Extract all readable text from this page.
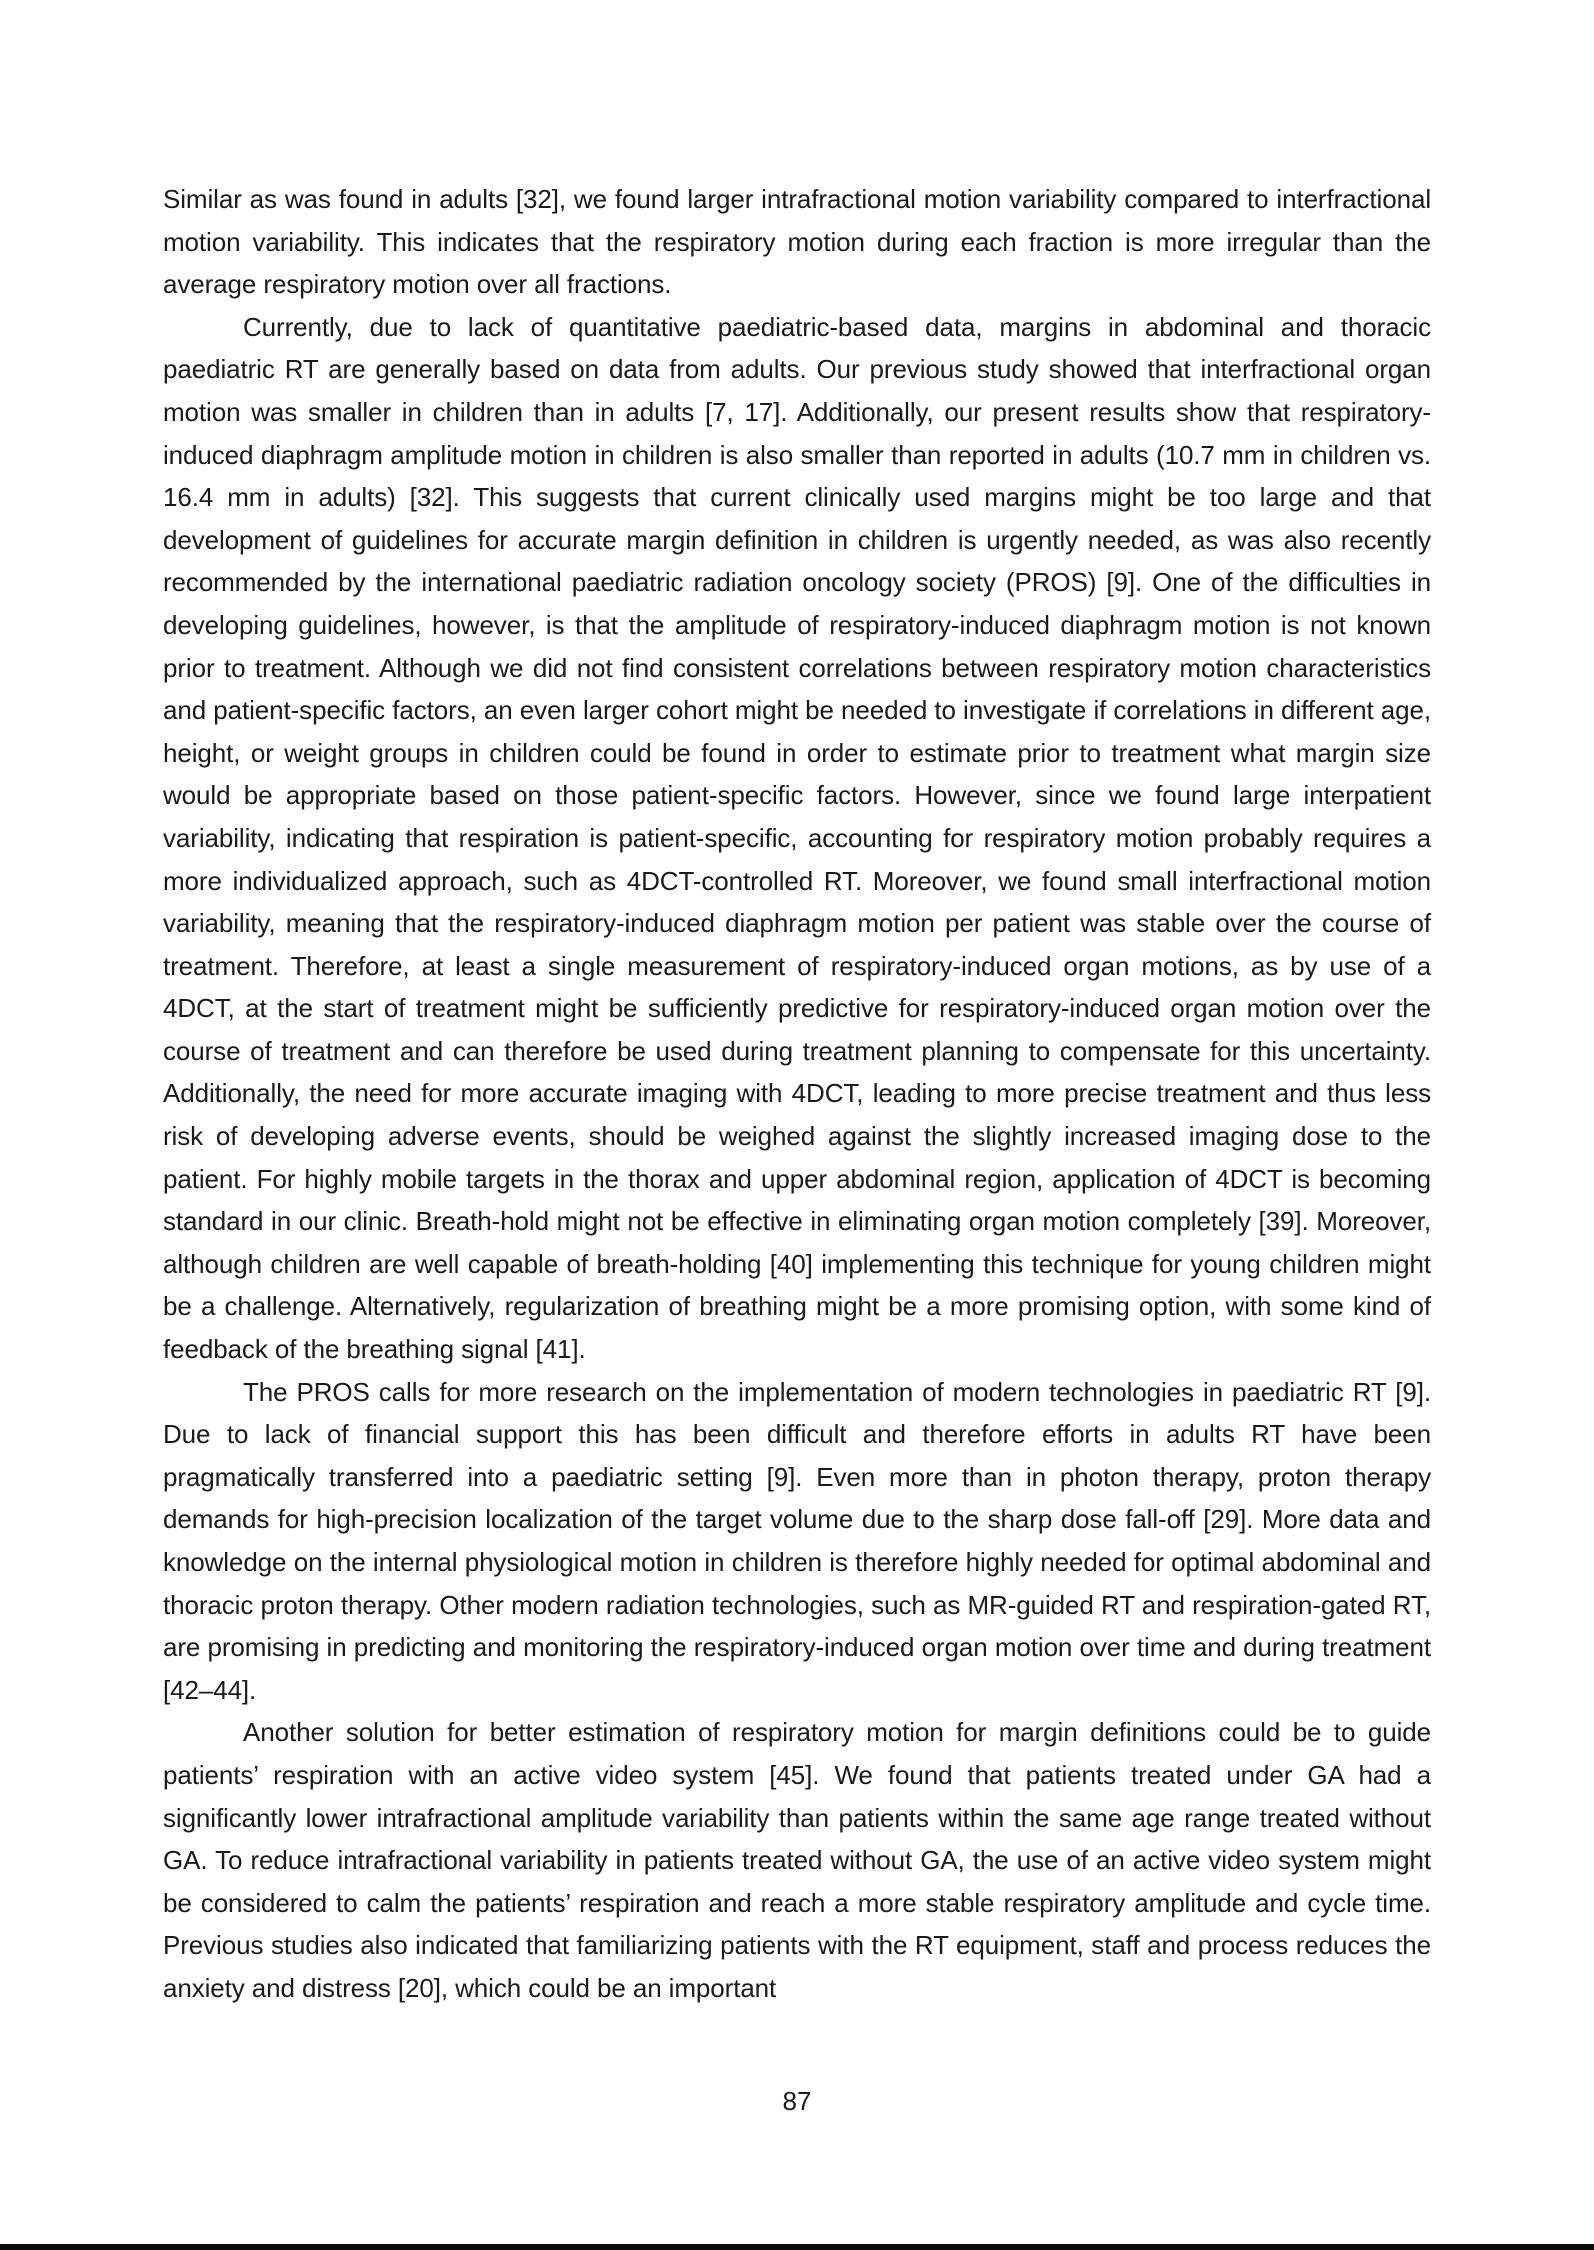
Similar as was found in adults [32], we found larger intrafractional motion variability compared to interfractional motion variability. This indicates that the respiratory motion during each fraction is more irregular than the average respiratory motion over all fractions.

Currently, due to lack of quantitative paediatric-based data, margins in abdominal and thoracic paediatric RT are generally based on data from adults. Our previous study showed that interfractional organ motion was smaller in children than in adults [7, 17]. Additionally, our present results show that respiratory-induced diaphragm amplitude motion in children is also smaller than reported in adults (10.7 mm in children vs. 16.4 mm in adults) [32]. This suggests that current clinically used margins might be too large and that development of guidelines for accurate margin definition in children is urgently needed, as was also recently recommended by the international paediatric radiation oncology society (PROS) [9]. One of the difficulties in developing guidelines, however, is that the amplitude of respiratory-induced diaphragm motion is not known prior to treatment. Although we did not find consistent correlations between respiratory motion characteristics and patient-specific factors, an even larger cohort might be needed to investigate if correlations in different age, height, or weight groups in children could be found in order to estimate prior to treatment what margin size would be appropriate based on those patient-specific factors. However, since we found large interpatient variability, indicating that respiration is patient-specific, accounting for respiratory motion probably requires a more individualized approach, such as 4DCT-controlled RT. Moreover, we found small interfractional motion variability, meaning that the respiratory-induced diaphragm motion per patient was stable over the course of treatment. Therefore, at least a single measurement of respiratory-induced organ motions, as by use of a 4DCT, at the start of treatment might be sufficiently predictive for respiratory-induced organ motion over the course of treatment and can therefore be used during treatment planning to compensate for this uncertainty. Additionally, the need for more accurate imaging with 4DCT, leading to more precise treatment and thus less risk of developing adverse events, should be weighed against the slightly increased imaging dose to the patient. For highly mobile targets in the thorax and upper abdominal region, application of 4DCT is becoming standard in our clinic. Breath-hold might not be effective in eliminating organ motion completely [39]. Moreover, although children are well capable of breath-holding [40] implementing this technique for young children might be a challenge. Alternatively, regularization of breathing might be a more promising option, with some kind of feedback of the breathing signal [41].

The PROS calls for more research on the implementation of modern technologies in paediatric RT [9]. Due to lack of financial support this has been difficult and therefore efforts in adults RT have been pragmatically transferred into a paediatric setting [9]. Even more than in photon therapy, proton therapy demands for high-precision localization of the target volume due to the sharp dose fall-off [29]. More data and knowledge on the internal physiological motion in children is therefore highly needed for optimal abdominal and thoracic proton therapy. Other modern radiation technologies, such as MR-guided RT and respiration-gated RT, are promising in predicting and monitoring the respiratory-induced organ motion over time and during treatment [42–44].

Another solution for better estimation of respiratory motion for margin definitions could be to guide patients’ respiration with an active video system [45]. We found that patients treated under GA had a significantly lower intrafractional amplitude variability than patients within the same age range treated without GA. To reduce intrafractional variability in patients treated without GA, the use of an active video system might be considered to calm the patients’ respiration and reach a more stable respiratory amplitude and cycle time. Previous studies also indicated that familiarizing patients with the RT equipment, staff and process reduces the anxiety and distress [20], which could be an important

87
